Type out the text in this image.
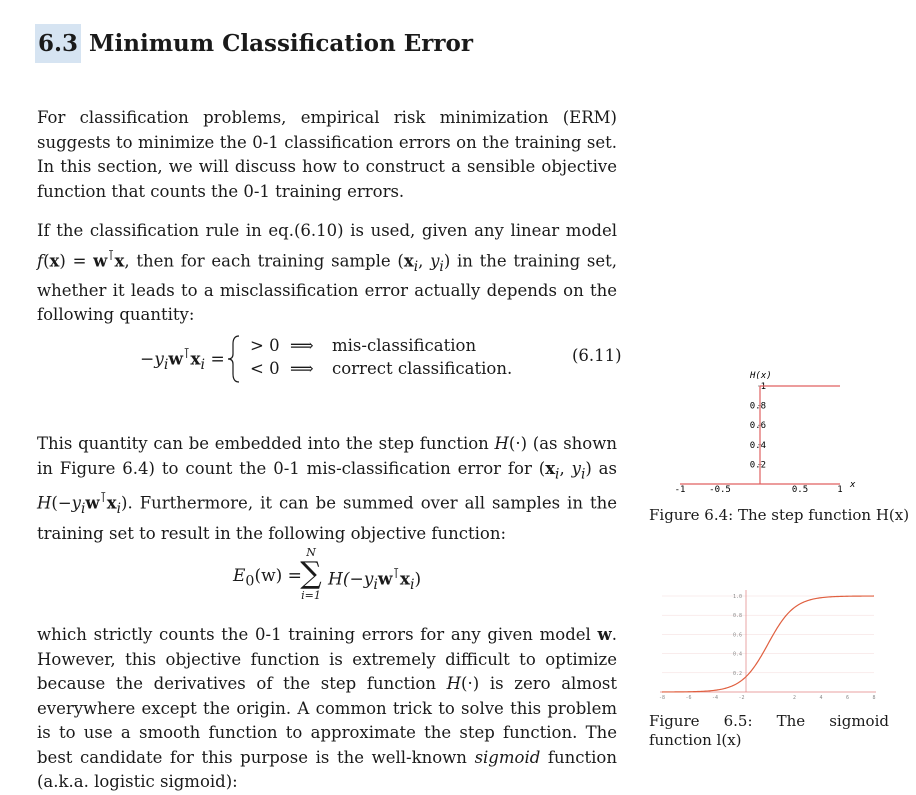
6.3 Minimum Classification Error

For classification problems, empirical risk minimization (ERM) suggests to minimize the 0-1 classification errors on the training set. In this section, we will discuss how to construct a sensible objective function that counts the 0-1 training errors.

If the classification rule in eq.(6.10) is used, given any linear model f(x) = w⊺x, then for each training sample ($x_i$, $y_i$) in the training set, whether it leads to a misclassification error actually depends on the following quantity:

$-y_iw^⊺x_i$ =
> 0 ⟹ mis-classification
< 0 ⟹ correct classification.
(6.11)

This quantity can be embedded into the step function H(·) (as shown in Figure 6.4) to count the 0-1 mis-classification error for ($x_i$, $y_i$) as $H(-y_iw^⊺x_i)$. Furthermore, it can be summed over all samples in the training set to result in the following objective function:

$E_0(w)$ =
N
∑
i=1
$H(-y_iw^⊺x_i)$

which strictly counts the 0-1 training errors for any given model w. However, this objective function is extremely difficult to optimize because the derivatives of the step function H(·) is zero almost everywhere except the origin. A common trick to solve this problem is to use a smooth function to approximate the step function. The best candidate for this purpose is the well-known sigmoid function (a.k.a. logistic sigmoid):

H(x)
0.2
0.4
0.6
0.8
1
-1	-0.5	0.5	1 x
Figure 6.4: The step function H(x)
0.2
0.4
0.6
0.8
1.0
-8	-6	-4	-2	2	4	6	8
Figure 6.5: The sigmoid function l(x)
